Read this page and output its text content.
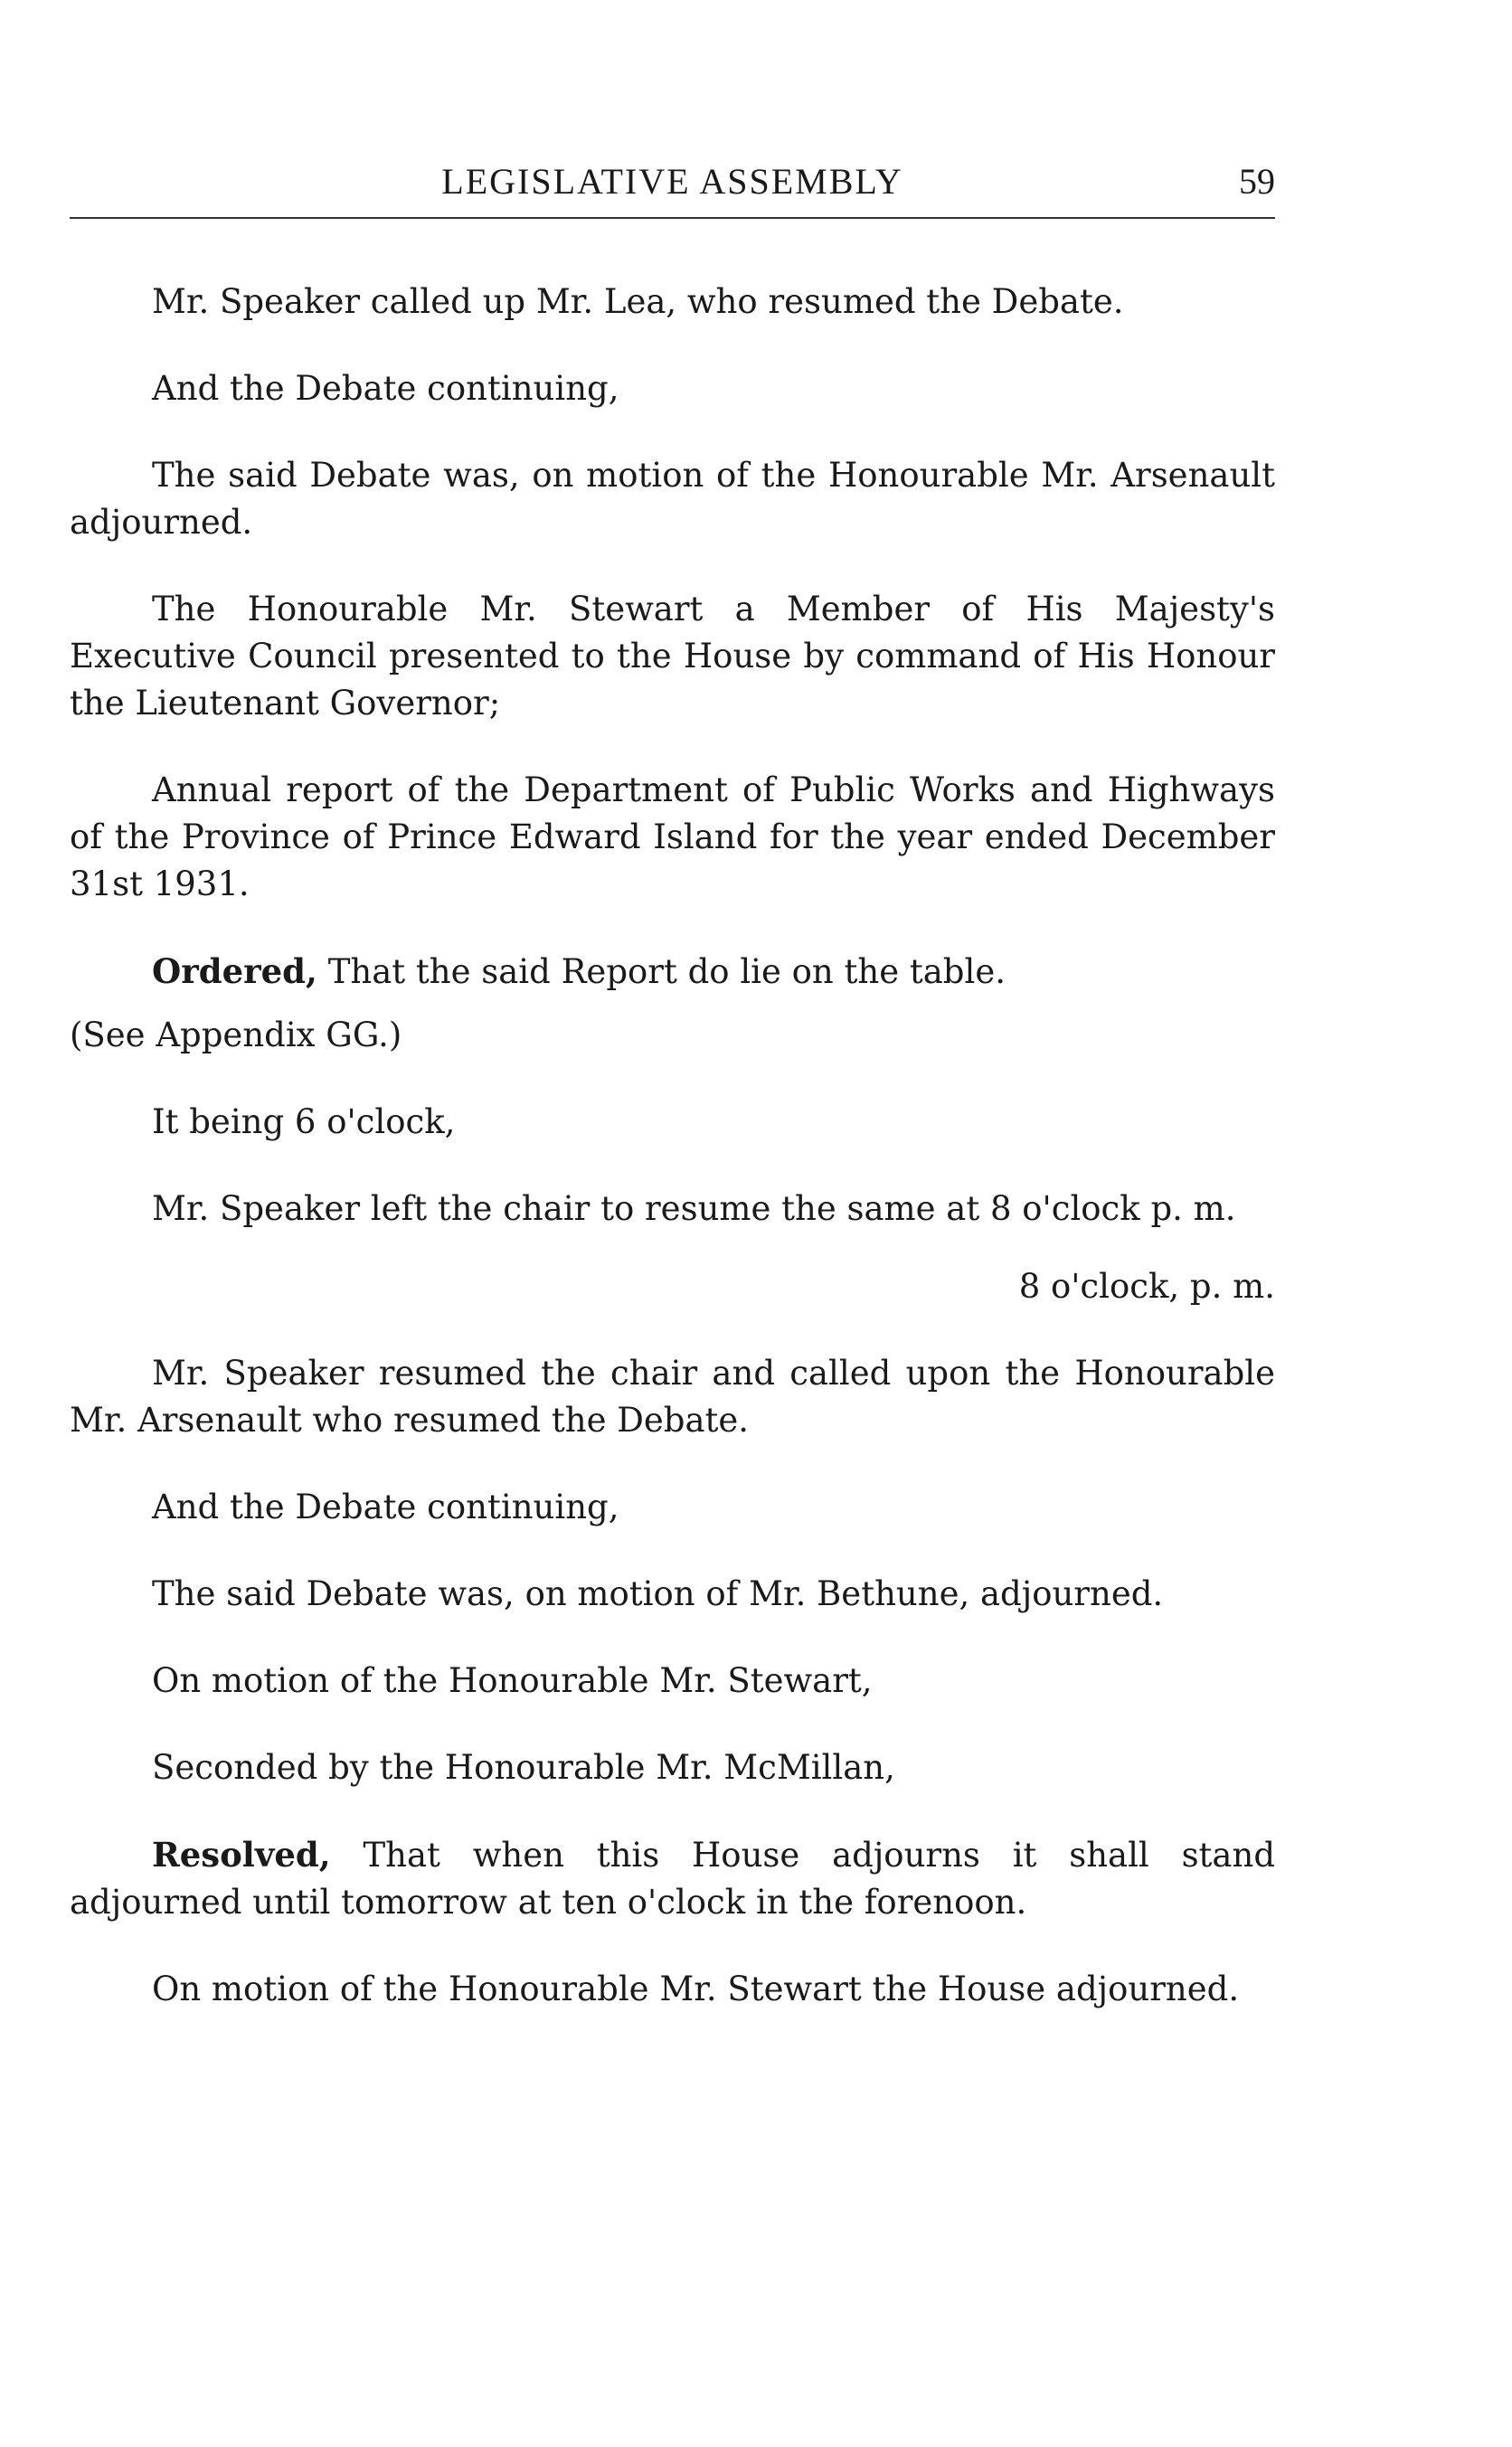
LEGISLATIVE ASSEMBLY	59

Mr. Speaker called up Mr. Lea, who resumed the Debate.

And the Debate continuing,

The said Debate was, on motion of the Honourable Mr. Arsenault adjourned.

The Honourable Mr. Stewart a Member of His Majesty's Executive Council presented to the House by command of His Honour the Lieutenant Governor;

Annual report of the Department of Public Works and Highways of the Province of Prince Edward Island for the year ended December 31st 1931.

Ordered, That the said Report do lie on the table.

(See Appendix GG.)

It being 6 o'clock,

Mr. Speaker left the chair to resume the same at 8 o'clock p. m.

8 o'clock, p. m.

Mr. Speaker resumed the chair and called upon the Honourable Mr. Arsenault who resumed the Debate.

And the Debate continuing,

The said Debate was, on motion of Mr. Bethune, adjourned.

On motion of the Honourable Mr. Stewart,

Seconded by the Honourable Mr. McMillan,

Resolved, That when this House adjourns it shall stand adjourned until tomorrow at ten o'clock in the forenoon.

On motion of the Honourable Mr. Stewart the House adjourned.
